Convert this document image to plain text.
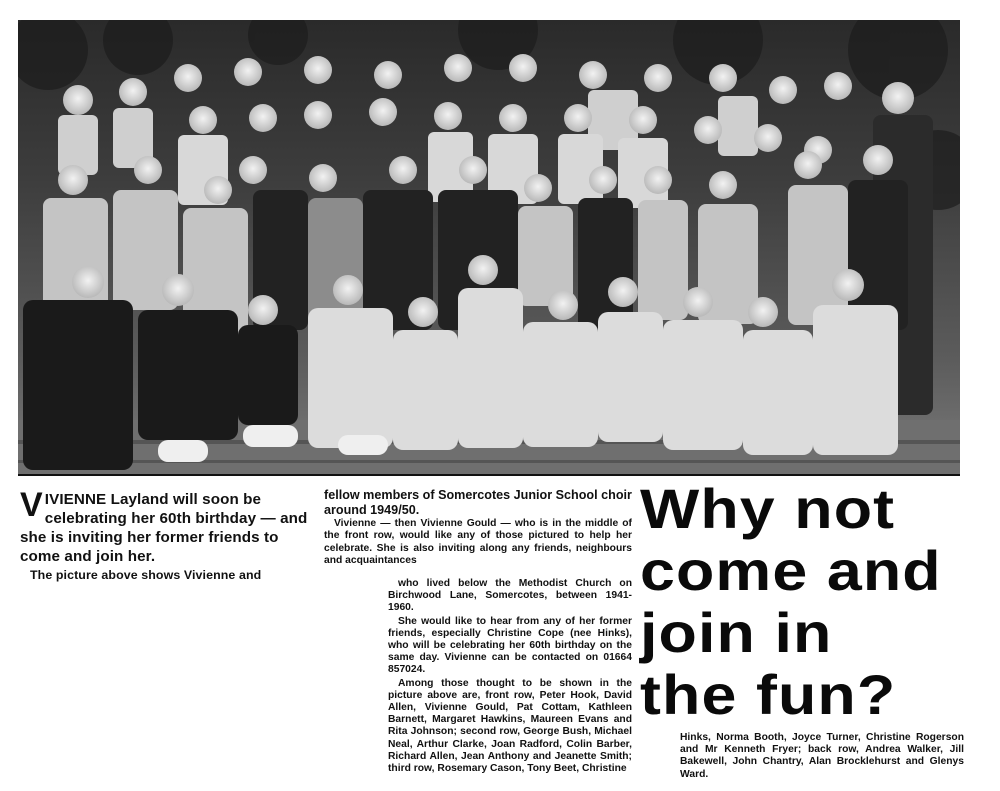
VIVIENNE Layland will soon be celebrating her 60th birthday — and she is inviting her former friends to come and join her.

The picture above shows Vivienne and

fellow members of Somercotes Junior School choir around 1949/50.

Vivienne — then Vivienne Gould — who is in the middle of the front row, would like any of those pictured to help her celebrate. She is also inviting along any friends, neighbours and acquaintances

who lived below the Methodist Church on Birchwood Lane, Somercotes, between 1941-1960.

She would like to hear from any of her former friends, especially Christine Cope (nee Hinks), who will be celebrating her 60th birthday on the same day. Vivienne can be contacted on 01664 857024.

Among those thought to be shown in the picture above are, front row, Peter Hook, David Allen, Vivienne Gould, Pat Cottam, Kathleen Barnett, Margaret Hawkins, Maureen Evans and Rita Johnson; second row, George Bush, Michael Neal, Arthur Clarke, Joan Radford, Colin Barber, Richard Allen, Jean Anthony and Jeanette Smith; third row, Rosemary Cason, Tony Beet, Christine

Why not
come and
join in
the fun?

Hinks, Norma Booth, Joyce Turner, Christine Rogerson and Mr Kenneth Fryer; back row, Andrea Walker, Jill Bakewell, John Chantry, Alan Brocklehurst and Glenys Ward.
